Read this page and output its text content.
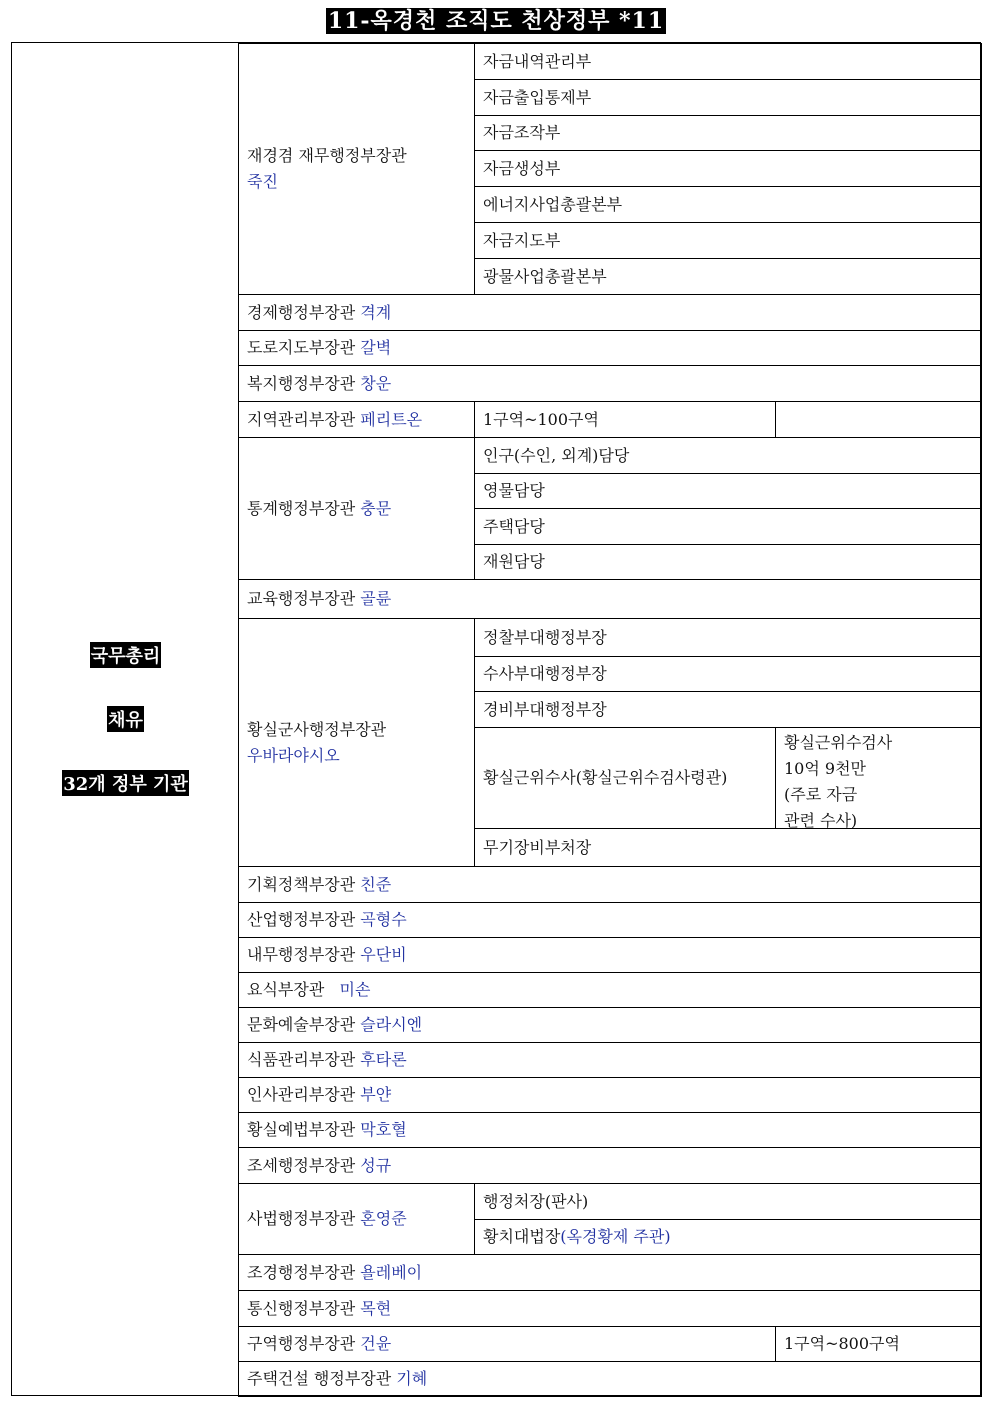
11-옥경천 조직도 천상정부 *11
국무총리
채유
32개 정부 기관
재경겸 재무행정부장관
죽진
자금내역관리부
자금출입통제부
자금조작부
자금생성부
에너지사업총괄본부
자금지도부
광물사업총괄본부
경제행정부장관
격계
도로지도부장관
갈벽
복지행정부장관
창운
지역관리부장관
페리트온	1구역~100구역
통계행정부장관
충문
인구(수인, 외계)담당
영물담당
주택담당
재원담당
교육행정부장관
골륜
황실군사행정부장관
우바라야시오
정찰부대행정부장
수사부대행정부장
경비부대행정부장
황실근위수사(황실근위수검사령관)
황실근위수검사
10억 9천만
(주로 자금
관련 수사)
무기장비부처장
기획정책부장관
친준
산업행정부장관
곡형수
내무행정부장관
우단비
요식부장관
미손
문화예술부장관
슬라시엔
식품관리부장관
후타론
인사관리부장관
부얀
황실예법부장관
막호혈
조세행정부장관
성규
사법행정부장관
혼영준
행정처장(판사)
황치대법장 (옥경황제 주관)
조경행정부장관
욜레베이
통신행정부장관
목현
구역행정부장관
건윤	1구역~800구역
주택건설 행정부장관
기혜
